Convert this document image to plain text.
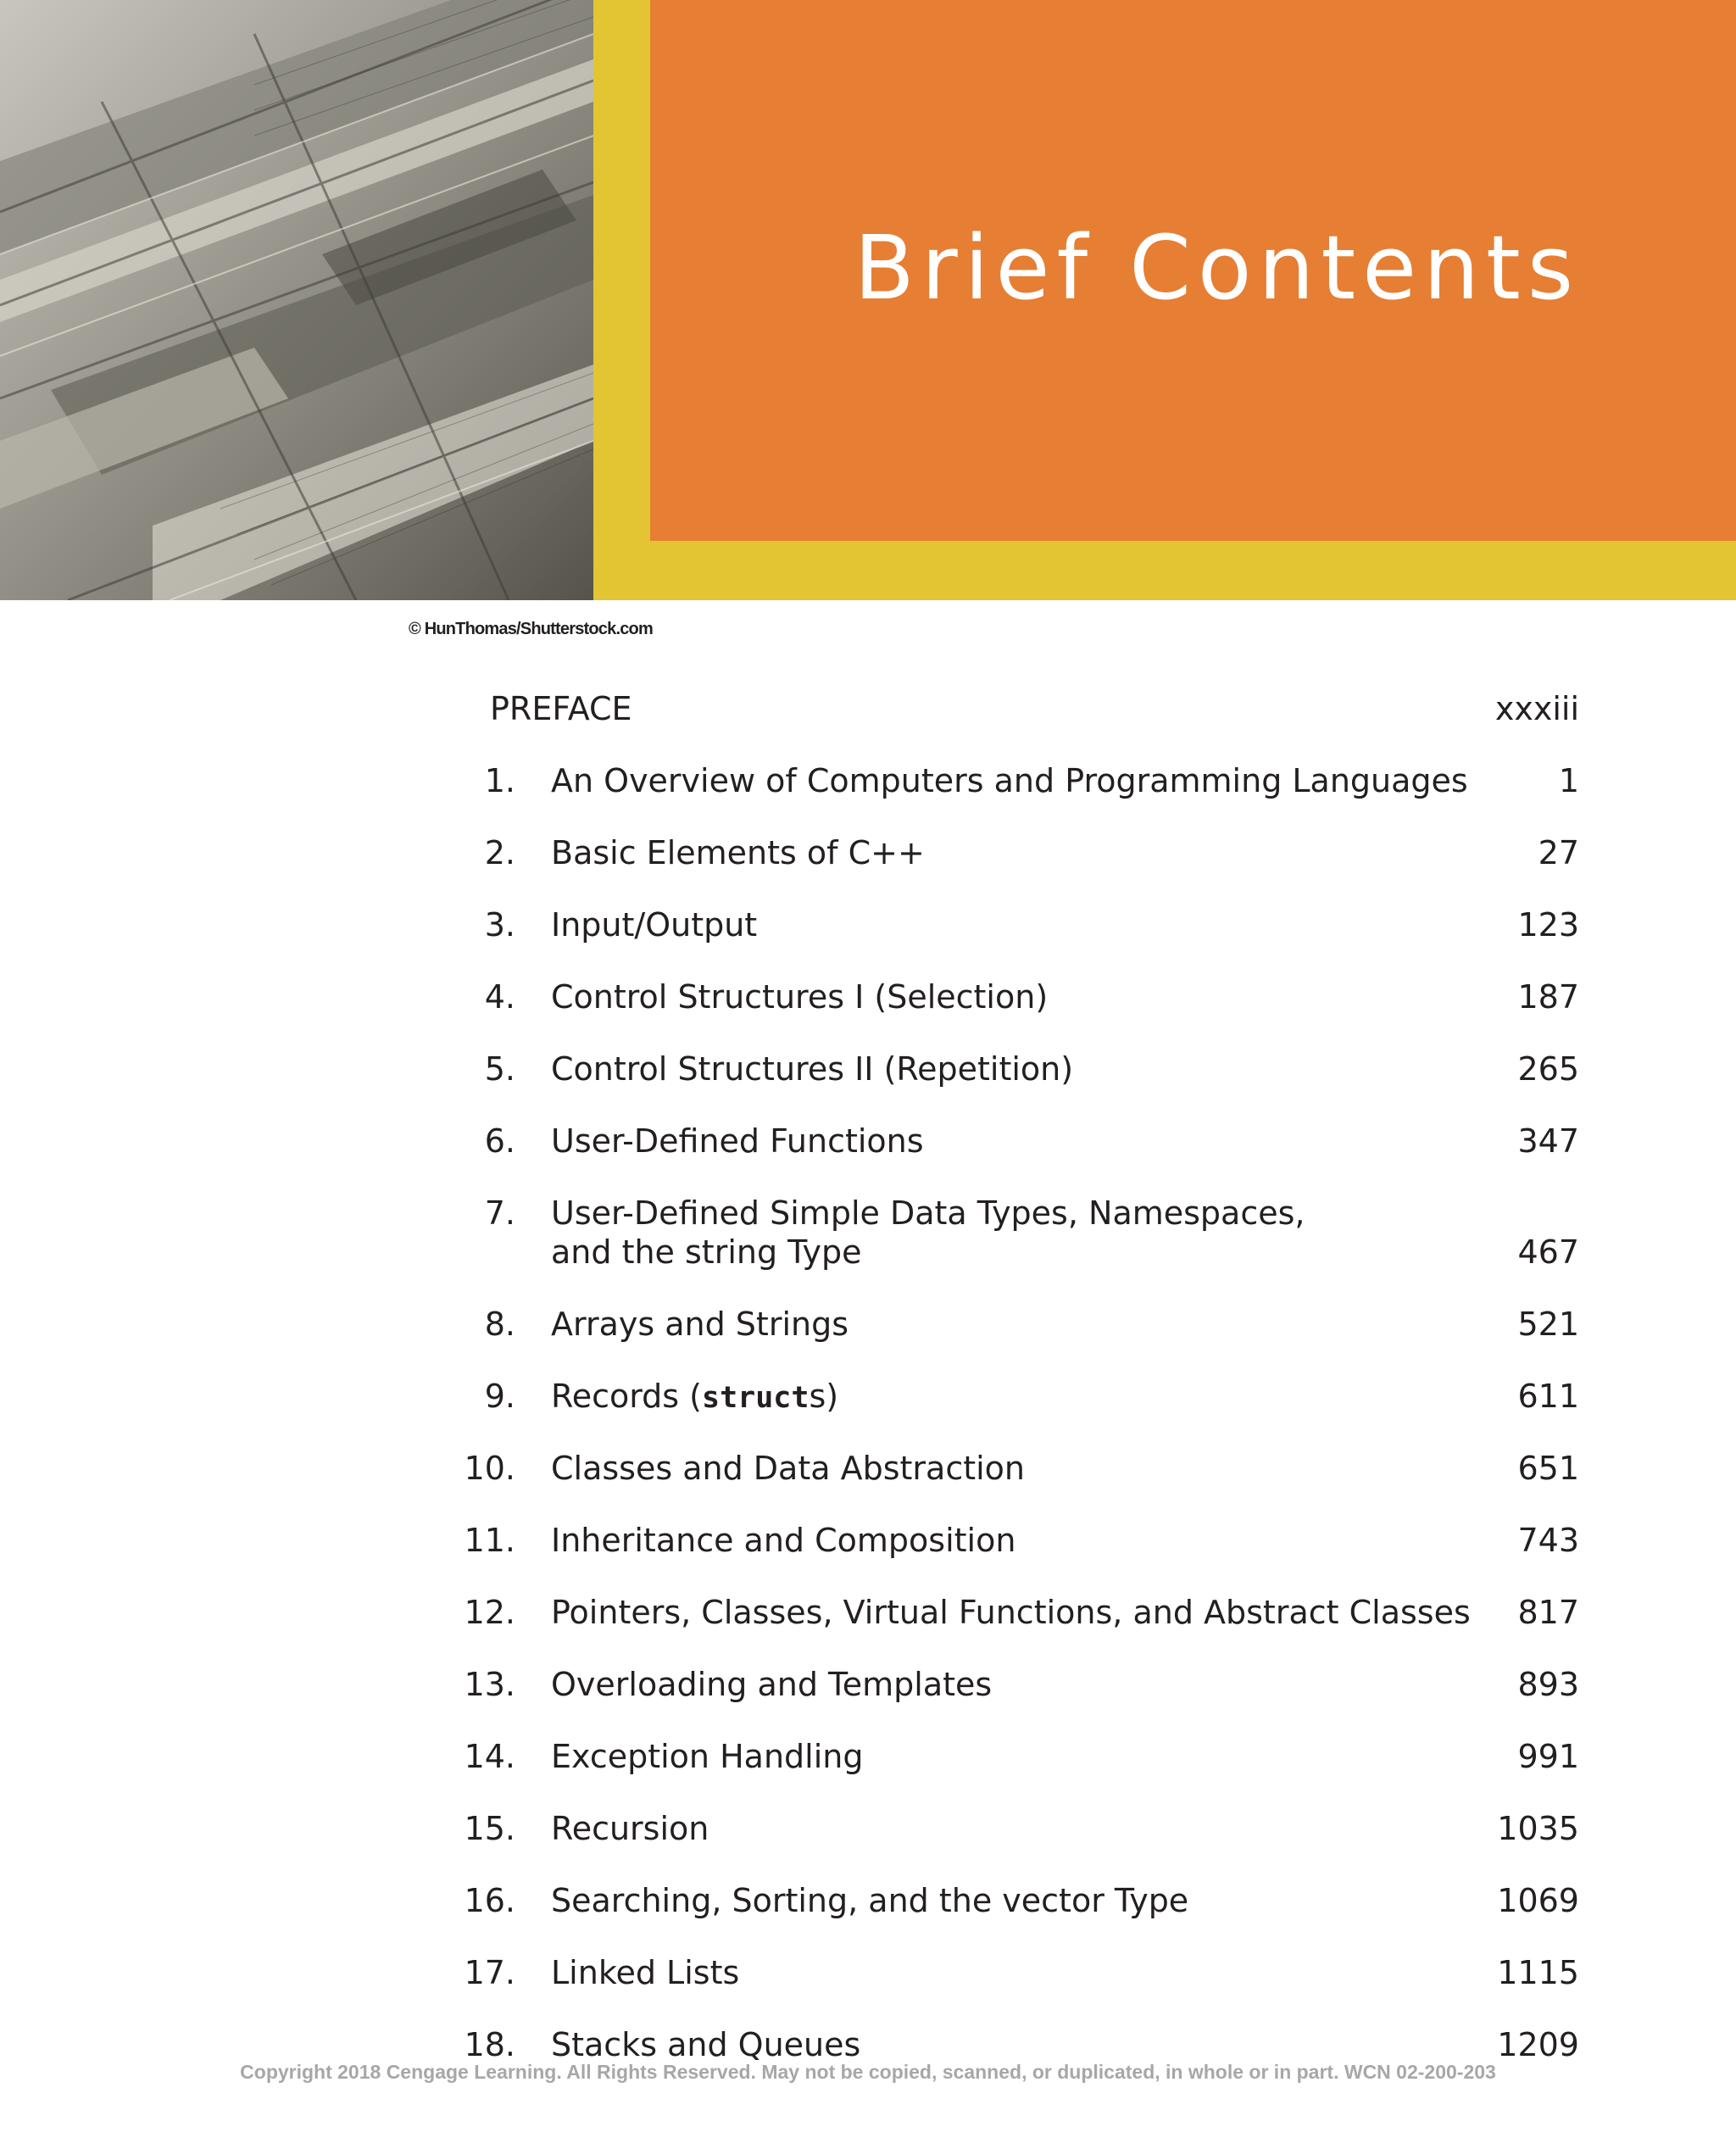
Brief Contents
© HunThomas/Shutterstock.com
PREFACE	xxxiii
1. An Overview of Computers and Programming Languages	1
2. Basic Elements of C++	27
3. Input/Output	123
4. Control Structures I (Selection)	187
5. Control Structures II (Repetition)	265
6. User-Defined Functions	347
7. User-Defined Simple Data Types, Namespaces,
and the string Type	467
8. Arrays and Strings	521
9. Records (structs)	611
10. Classes and Data Abstraction	651
11. Inheritance and Composition	743
12. Pointers, Classes, Virtual Functions, and Abstract Classes 817
13. Overloading and Templates	893
14. Exception Handling	991
15. Recursion	1035
16. Searching, Sorting, and the vector Type	1069
17. Linked Lists	1115
18. Stacks and Queues	1209
Copyright 2018 Cengage Learning. All Rights Reserved. May not be copied, scanned, or duplicated, in whole or in part. WCN 02-200-203
